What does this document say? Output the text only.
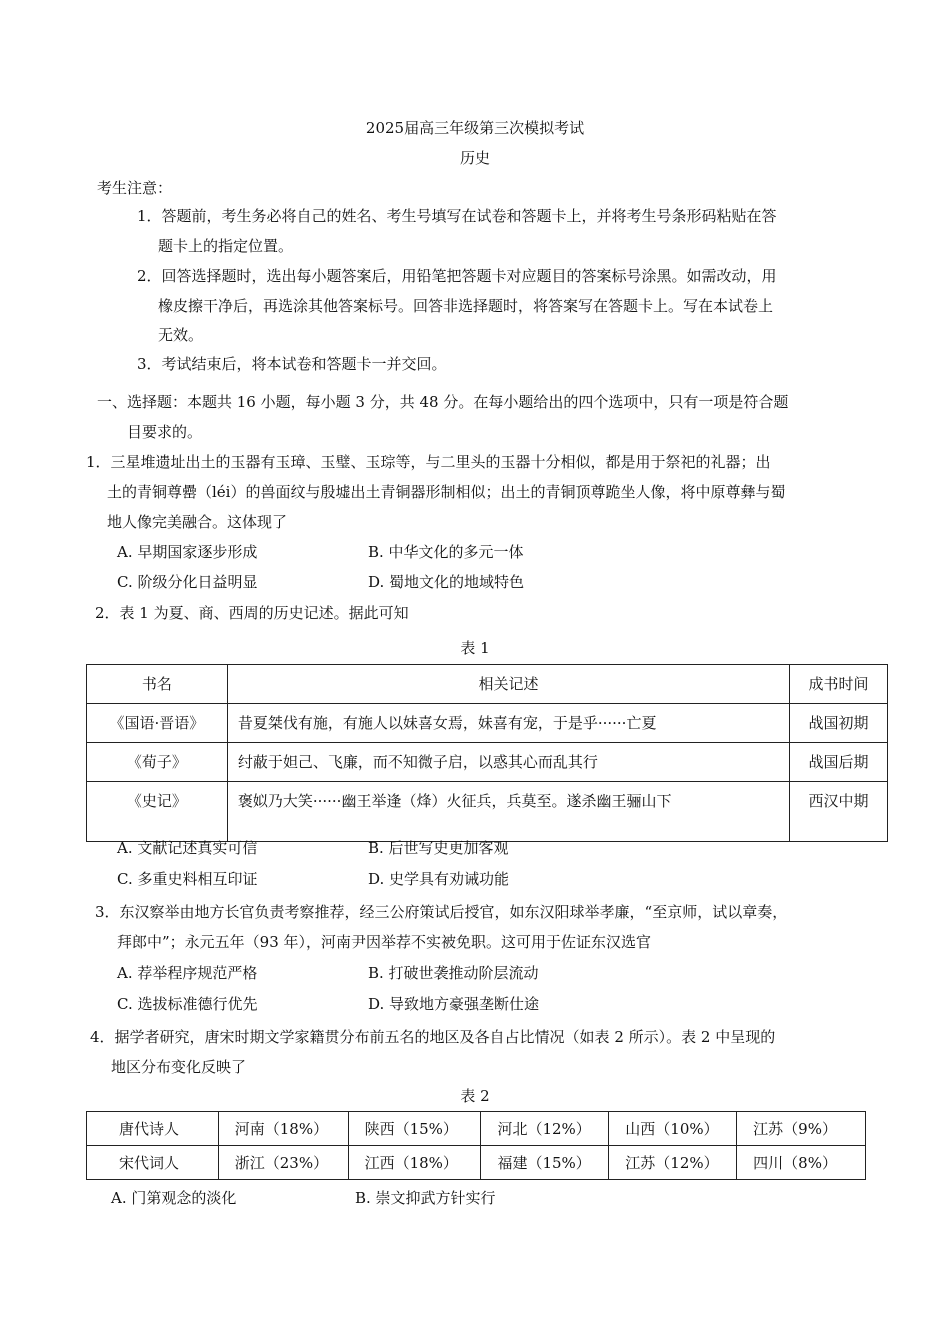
2025届高三年级第三次模拟考试
历史
考生注意：
1．答题前，考生务必将自己的姓名、考生号填写在试卷和答题卡上，并将考生号条形码粘贴在答
题卡上的指定位置。
2．回答选择题时，选出每小题答案后，用铅笔把答题卡对应题目的答案标号涂黑。如需改动，用
橡皮擦干净后，再选涂其他答案标号。回答非选择题时，将答案写在答题卡上。写在本试卷上
无效。
3．考试结束后，将本试卷和答题卡一并交回。
一、选择题：本题共 16 小题，每小题 3 分，共 48 分。在每小题给出的四个选项中，只有一项是符合题
目要求的。
1．三星堆遗址出土的玉器有玉璋、玉璧、玉琮等，与二里头的玉器十分相似，都是用于祭祀的礼器；出
土的青铜尊罍（léi）的兽面纹与殷墟出土青铜器形制相似；出土的青铜顶尊跪坐人像，将中原尊彝与蜀
地人像完美融合。这体现了
A. 早期国家逐步形成	B. 中华文化的多元一体
C. 阶级分化日益明显	D. 蜀地文化的地域特色
2．表 1 为夏、商、西周的历史记述。据此可知
表 1
书名	相关记述	成书时间

《国语·晋语》	昔夏桀伐有施，有施人以妹喜女焉，妹喜有宠，于是乎······亡夏	战国初期

《荀子》	纣蔽于妲己、飞廉，而不知微子启，以惑其心而乱其行	战国后期

《史记》	褒姒乃大笑······幽王举逢（烽）火征兵，兵莫至。遂杀幽王骊山下	西汉中期
A. 文献记述真实可信	B. 后世写史更加客观
C. 多重史料相互印证	D. 史学具有劝诫功能
3．东汉察举由地方长官负责考察推荐，经三公府策试后授官，如东汉阳球举孝廉，“至京师，试以章奏，
拜郎中”；永元五年（93 年），河南尹因举荐不实被免职。这可用于佐证东汉选官
A. 荐举程序规范严格	B. 打破世袭推动阶层流动
C. 选拔标准德行优先	D. 导致地方豪强垄断仕途
4．据学者研究，唐宋时期文学家籍贯分布前五名的地区及各自占比情况（如表 2 所示）。表 2 中呈现的
地区分布变化反映了
表 2
唐代诗人	河南（18%）	陕西（15%）	河北（12%）	山西（10%）	江苏（9%）
宋代词人	浙江（23%）	江西（18%）	福建（15%）	江苏（12%）	四川（8%）
A. 门第观念的淡化	B. 崇文抑武方针实行
